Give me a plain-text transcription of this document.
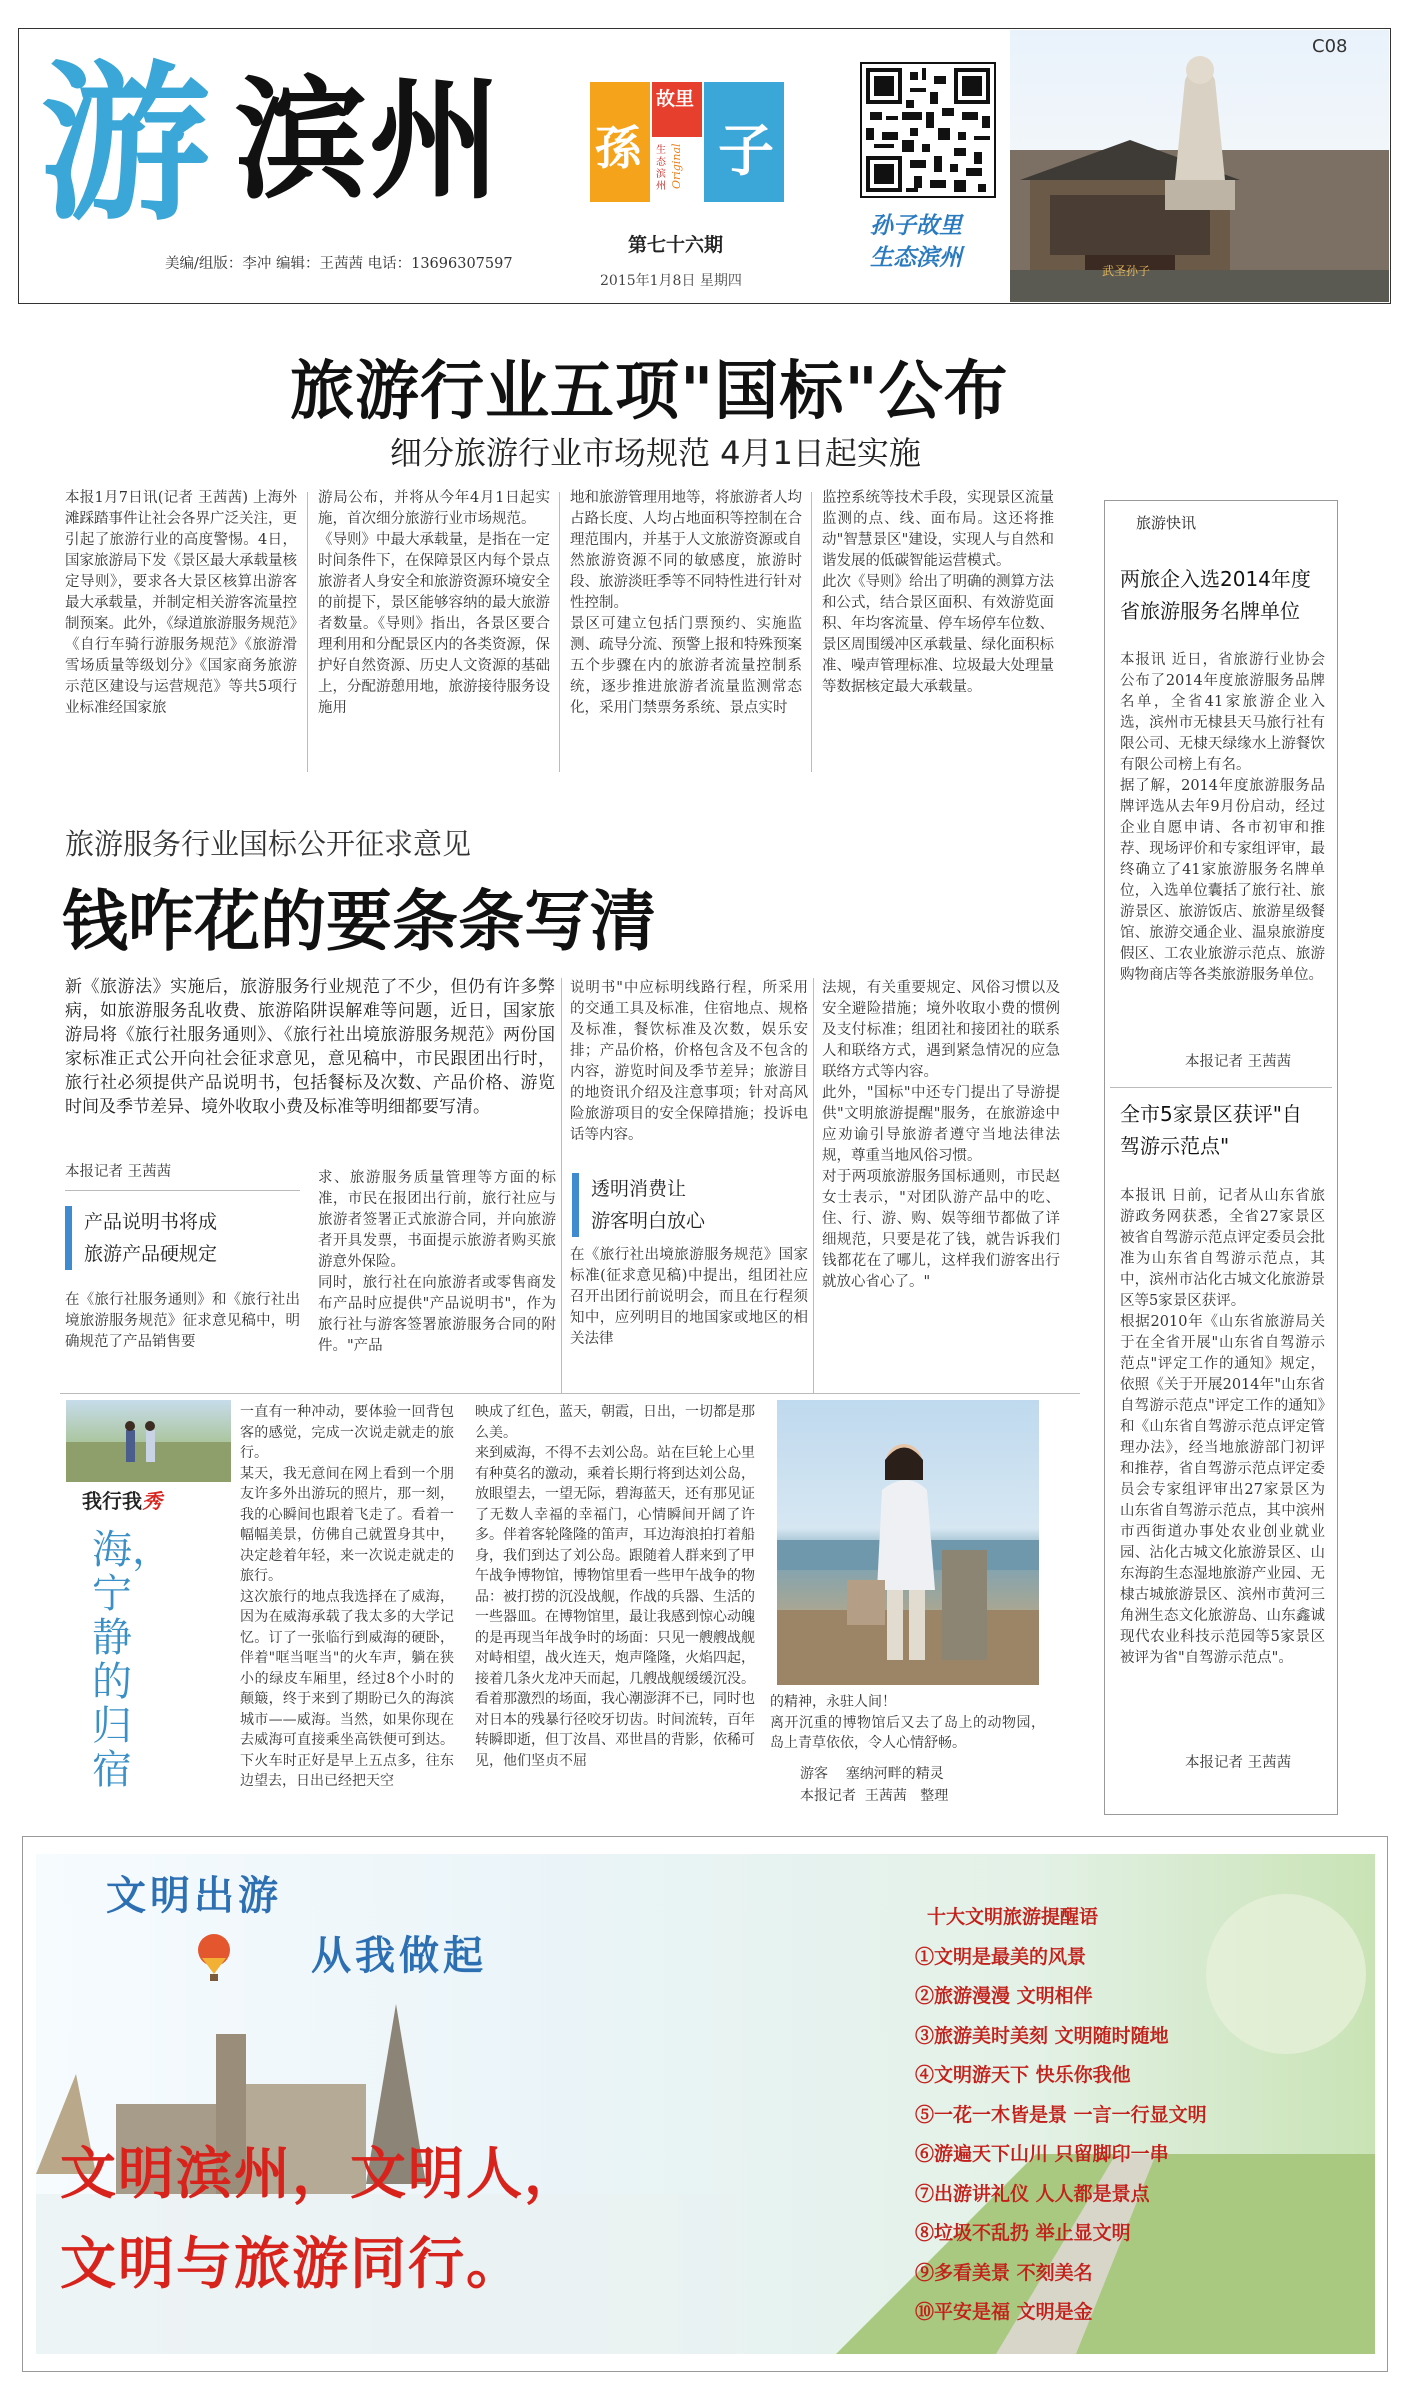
游 滨州 孫
故里
生态滨州 Original 子
孙子故里
生态滨州	武圣孙子
C08
第七十六期
美编/组版：李冲 编辑：王茜茜 电话：13696307597
2015年1月8日 星期四
旅游行业五项"国标"公布
细分旅游行业市场规范 4月1日起实施
本报1月7日讯(记者 王茜茜) 上海外滩踩踏事件让社会各界广泛关注，更引起了旅游行业的高度警惕。4日，国家旅游局下发《景区最大承载量核定导则》，要求各大景区核算出游客最大承载量，并制定相关游客流量控制预案。此外，《绿道旅游服务规范》《自行车骑行游服务规范》《旅游滑雪场质量等级划分》《国家商务旅游示范区建设与运营规范》等共5项行业标准经国家旅
游局公布，并将从今年4月1日起实施，首次细分旅游行业市场规范。
《导则》中最大承载量，是指在一定时间条件下，在保障景区内每个景点旅游者人身安全和旅游资源环境安全的前提下，景区能够容纳的最大旅游者数量。《导则》指出，各景区要合理利用和分配景区内的各类资源，保护好自然资源、历史人文资源的基础上，分配游憩用地，旅游接待服务设施用
地和旅游管理用地等，将旅游者人均占路长度、人均占地面积等控制在合理范围内，并基于人文旅游资源或自然旅游资源不同的敏感度，旅游时段、旅游淡旺季等不同特性进行针对性控制。
景区可建立包括门票预约、实施监测、疏导分流、预警上报和特殊预案五个步骤在内的旅游者流量控制系统，逐步推进旅游者流量监测常态化，采用门禁票务系统、景点实时
监控系统等技术手段，实现景区流量监测的点、线、面布局。这还将推动"智慧景区"建设，实现人与自然和谐发展的低碳智能运营模式。
此次《导则》给出了明确的测算方法和公式，结合景区面积、有效游览面积、年均客流量、停车场停车位数、景区周围缓冲区承载量、绿化面积标准、噪声管理标准、垃圾最大处理量等数据核定最大承载量。
旅游快讯
两旅企入选2014年度省旅游服务名牌单位
本报讯 近日，省旅游行业协会公布了2014年度旅游服务品牌名单，全省41家旅游企业入选，滨州市无棣县天马旅行社有限公司、无棣天绿缘水上游餐饮有限公司榜上有名。
据了解，2014年度旅游服务品牌评选从去年9月份启动，经过企业自愿申请、各市初审和推荐、现场评价和专家组评审，最终确立了41家旅游服务名牌单位，入选单位囊括了旅行社、旅游景区、旅游饭店、旅游星级餐馆、旅游交通企业、温泉旅游度假区、工农业旅游示范点、旅游购物商店等各类旅游服务单位。
本报记者 王茜茜
全市5家景区获评"自驾游示范点"
本报讯 日前，记者从山东省旅游政务网获悉，全省27家景区被省自驾游示范点评定委员会批准为山东省自驾游示范点，其中，滨州市沾化古城文化旅游景区等5家景区获评。
根据2010年《山东省旅游局关于在全省开展"山东省自驾游示范点"评定工作的通知》规定，依照《关于开展2014年"山东省自驾游示范点"评定工作的通知》和《山东省自驾游示范点评定管理办法》，经当地旅游部门初评和推荐，省自驾游示范点评定委员会专家组评审出27家景区为山东省自驾游示范点，其中滨州市西街道办事处农业创业就业园、沾化古城文化旅游景区、山东海韵生态湿地旅游产业园、无棣古城旅游景区、滨州市黄河三角洲生态文化旅游岛、山东鑫诚现代农业科技示范园等5家景区被评为省"自驾游示范点"。
本报记者 王茜茜
旅游服务行业国标公开征求意见
钱咋花的要条条写清
新《旅游法》实施后，旅游服务行业规范了不少，但仍有许多弊病，如旅游服务乱收费、旅游陷阱误解难等问题，近日，国家旅游局将《旅行社服务通则》、《旅行社出境旅游服务规范》两份国家标准正式公开向社会征求意见，意见稿中，市民跟团出行时，旅行社必须提供产品说明书，包括餐标及次数、产品价格、游览时间及季节差异、境外收取小费及标准等明细都要写清。
本报记者 王茜茜
产品说明书将成
旅游产品硬规定
在《旅行社服务通则》和《旅行社出境旅游服务规范》征求意见稿中，明确规范了产品销售要
求、旅游服务质量管理等方面的标准，市民在报团出行前，旅行社应与旅游者签署正式旅游合同，并向旅游者开具发票，书面提示旅游者购买旅游意外保险。
同时，旅行社在向旅游者或零售商发布产品时应提供"产品说明书"，作为旅行社与游客签署旅游服务合同的附件。"产品
说明书"中应标明线路行程，所采用的交通工具及标准，住宿地点、规格及标准，餐饮标准及次数，娱乐安排；产品价格，价格包含及不包含的内容，游览时间及季节差异；旅游目的地资讯介绍及注意事项；针对高风险旅游项目的安全保障措施；投诉电话等内容。
透明消费让
游客明白放心
在《旅行社出境旅游服务规范》国家标准(征求意见稿)中提出，组团社应召开出团行前说明会，而且在行程须知中，应列明目的地国家或地区的相关法律
法规，有关重要规定、风俗习惯以及安全避险措施；境外收取小费的惯例及支付标准；组团社和接团社的联系人和联络方式，遇到紧急情况的应急联络方式等内容。
此外，"国标"中还专门提出了导游提供"文明旅游提醒"服务，在旅游途中应劝谕引导旅游者遵守当地法律法规，尊重当地风俗习惯。
对于两项旅游服务国标通则，市民赵女士表示，"对团队游产品中的吃、住、行、游、购、娱等细节都做了详细规范，只要是花了钱，就告诉我们钱都花在了哪儿，这样我们游客出行就放心省心了。"
我行我秀
海，宁静的归宿
一直有一种冲动，要体验一回背包客的感觉，完成一次说走就走的旅行。
某天，我无意间在网上看到一个朋友许多外出游玩的照片，那一刻，我的心瞬间也跟着飞走了。看着一幅幅美景，仿佛自己就置身其中，决定趁着年轻，来一次说走就走的旅行。
这次旅行的地点我选择在了威海，因为在威海承载了我太多的大学记忆。订了一张临行到威海的硬卧，伴着"哐当哐当"的火车声，躺在狭小的绿皮车厢里，经过8个小时的颠簸，终于来到了期盼已久的海滨城市——威海。当然，如果你现在去威海可直接乘坐高铁便可到达。下火车时正好是早上五点多，往东边望去，日出已经把天空
映成了红色，蓝天，朝霞，日出，一切都是那么美。
来到威海，不得不去刘公岛。站在巨轮上心里有种莫名的激动，乘着长期行将到达刘公岛，放眼望去，一望无际，碧海蓝天，还有那见证了无数人幸福的幸福门，心情瞬间开阔了许多。伴着客轮隆隆的笛声，耳边海浪拍打着船身，我们到达了刘公岛。跟随着人群来到了甲午战争博物馆，博物馆里看一些甲午战争的物品：被打捞的沉没战舰，作战的兵器、生活的一些器皿。在博物馆里，最让我感到惊心动魄的是再现当年战争时的场面：只见一艘艘战舰对峙相望，战火连天，炮声隆隆，火焰四起，接着几条火龙冲天而起，几艘战舰缓缓沉没。看着那激烈的场面，我心潮澎湃不已，同时也对日本的残暴行径咬牙切齿。时间流转，百年转瞬即逝，但丁汝昌、邓世昌的背影，依稀可见，他们坚贞不屈
的精神，永驻人间！
离开沉重的博物馆后又去了岛上的动物园，岛上青草依依，令人心情舒畅。
游客    塞纳河畔的精灵
本报记者  王茜茜   整理
文明出游
从我做起
文明滨州，文明人，
文明与旅游同行。
十大文明旅游提醒语
①文明是最美的风景
②旅游漫漫 文明相伴
③旅游美时美刻 文明随时随地
④文明游天下 快乐你我他
⑤一花一木皆是景 一言一行显文明
⑥游遍天下山川 只留脚印一串
⑦出游讲礼仪 人人都是景点
⑧垃圾不乱扔 举止显文明
⑨多看美景 不刻美名
⑩平安是福 文明是金
